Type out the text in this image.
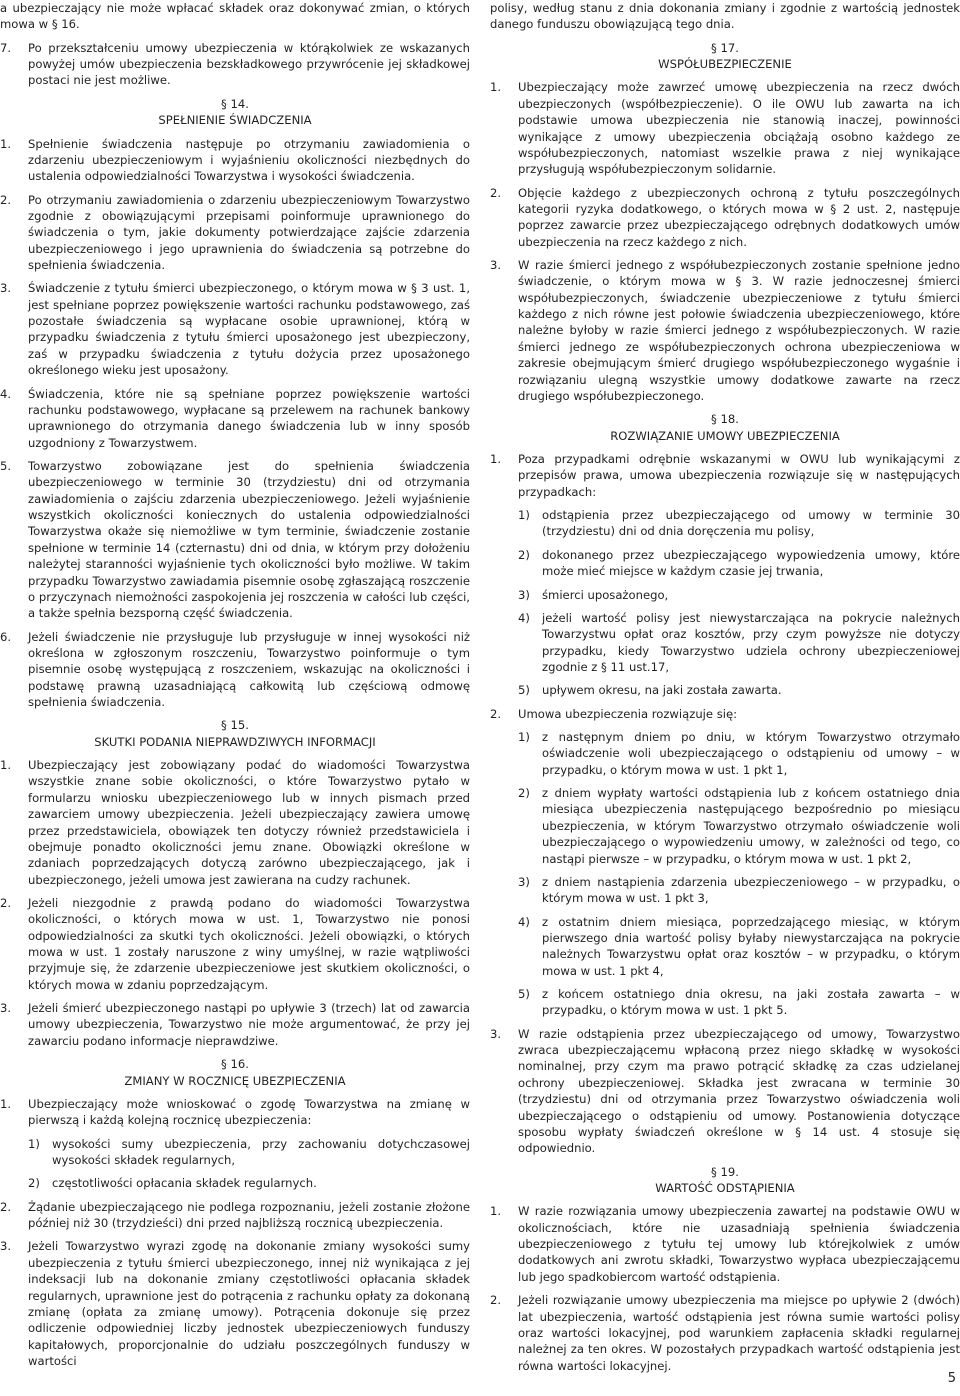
a ubezpieczający nie może wpłacać składek oraz dokonywać zmian, o których mowa w § 16.
7. Po przekształceniu umowy ubezpieczenia w którąkolwiek ze wskazanych powyżej umów ubezpieczenia bezskładkowego przywrócenie jej składkowej postaci nie jest możliwe.
§ 14.
SPEŁNIENIE ŚWIADCZENIA
1. Spełnienie świadczenia następuje po otrzymaniu zawiadomienia o zdarzeniu ubezpieczeniowym i wyjaśnieniu okoliczności niezbędnych do ustalenia odpowiedzialności Towarzystwa i wysokości świadczenia.
2. Po otrzymaniu zawiadomienia o zdarzeniu ubezpieczeniowym Towarzystwo zgodnie z obowiązującymi przepisami poinformuje uprawnionego do świadczenia o tym, jakie dokumenty potwierdzające zajście zdarzenia ubezpieczeniowego i jego uprawnienia do świadczenia są potrzebne do spełnienia świadczenia.
3. Świadczenie z tytułu śmierci ubezpieczonego, o którym mowa w § 3 ust. 1, jest spełniane poprzez powiększenie wartości rachunku podstawowego, zaś pozostałe świadczenia są wypłacane osobie uprawnionej, którą w przypadku świadczenia z tytułu śmierci uposażonego jest ubezpieczony, zaś w przypadku świadczenia z tytułu dożycia przez uposażonego określonego wieku jest uposażony.
4. Świadczenia, które nie są spełniane poprzez powiększenie wartości rachunku podstawowego, wypłacane są przelewem na rachunek bankowy uprawnionego do otrzymania danego świadczenia lub w inny sposób uzgodniony z Towarzystwem.
5. Towarzystwo zobowiązane jest do spełnienia świadczenia ubezpieczeniowego w terminie 30 (trzydziestu) dni od otrzymania zawiadomienia o zajściu zdarzenia ubezpieczeniowego. Jeżeli wyjaśnienie wszystkich okoliczności koniecznych do ustalenia odpowiedzialności Towarzystwa okaże się niemożliwe w tym terminie, świadczenie zostanie spełnione w terminie 14 (czternastu) dni od dnia, w którym przy dołożeniu należytej staranności wyjaśnienie tych okoliczności było możliwe. W takim przypadku Towarzystwo zawiadamia pisemnie osobę zgłaszającą roszczenie o przyczynach niemożności zaspokojenia jej roszczenia w całości lub części, a także spełnia bezsporną część świadczenia.
6. Jeżeli świadczenie nie przysługuje lub przysługuje w innej wysokości niż określona w zgłoszonym roszczeniu, Towarzystwo poinformuje o tym pisemnie osobę występującą z roszczeniem, wskazując na okoliczności i podstawę prawną uzasadniającą całkowitą lub częściową odmowę spełnienia świadczenia.
§ 15.
SKUTKI PODANIA NIEPRAWDZIWYCH INFORMACJI
1. Ubezpieczający jest zobowiązany podać do wiadomości Towarzystwa wszystkie znane sobie okoliczności, o które Towarzystwo pytało w formularzu wniosku ubezpieczeniowego lub w innych pismach przed zawarciem umowy ubezpieczenia. Jeżeli ubezpieczający zawiera umowę przez przedstawiciela, obowiązek ten dotyczy również przedstawiciela i obejmuje ponadto okoliczności jemu znane. Obowiązki określone w zdaniach poprzedzających dotyczą zarówno ubezpieczającego, jak i ubezpieczonego, jeżeli umowa jest zawierana na cudzy rachunek.
2. Jeżeli niezgodnie z prawdą podano do wiadomości Towarzystwa okoliczności, o których mowa w ust. 1, Towarzystwo nie ponosi odpowiedzialności za skutki tych okoliczności. Jeżeli obowiązki, o których mowa w ust. 1 zostały naruszone z winy umyślnej, w razie wątpliwości przyjmuje się, że zdarzenie ubezpieczeniowe jest skutkiem okoliczności, o których mowa w zdaniu poprzedzającym.
3. Jeżeli śmierć ubezpieczonego nastąpi po upływie 3 (trzech) lat od zawarcia umowy ubezpieczenia, Towarzystwo nie może argumentować, że przy jej zawarciu podano informacje nieprawdziwe.
§ 16.
ZMIANY W ROCZNICĘ UBEZPIECZENIA
1. Ubezpieczający może wnioskować o zgodę Towarzystwa na zmianę w pierwszą i każdą kolejną rocznicę ubezpieczenia:
1) wysokości sumy ubezpieczenia, przy zachowaniu dotychczasowej wysokości składek regularnych,
2) częstotliwości opłacania składek regularnych.
2. Żądanie ubezpieczającego nie podlega rozpoznaniu, jeżeli zostanie złożone później niż 30 (trzydzieści) dni przed najbliższą rocznicą ubezpieczenia.
3. Jeżeli Towarzystwo wyrazi zgodę na dokonanie zmiany wysokości sumy ubezpieczenia z tytułu śmierci ubezpieczonego, innej niż wynikająca z jej indeksacji lub na dokonanie zmiany częstotliwości opłacania składek regularnych, uprawnione jest do potrącenia z rachunku opłaty za dokonaną zmianę (opłata za zmianę umowy). Potrącenia dokonuje się przez odliczenie odpowiedniej liczby jednostek ubezpieczeniowych funduszy kapitałowych, proporcjonalnie do udziału poszczególnych funduszy w wartości
polisy, według stanu z dnia dokonania zmiany i zgodnie z wartością jednostek danego funduszu obowiązującą tego dnia.
§ 17.
WSPÓŁUBEZPIECZENIE
1. Ubezpieczający może zawrzeć umowę ubezpieczenia na rzecz dwóch ubezpieczonych (współbezpieczenie). O ile OWU lub zawarta na ich podstawie umowa ubezpieczenia nie stanowią inaczej, powinności wynikające z umowy ubezpieczenia obciążają osobno każdego ze współubezpieczonych, natomiast wszelkie prawa z niej wynikające przysługują współubezpieczonym solidarnie.
2. Objęcie każdego z ubezpieczonych ochroną z tytułu poszczególnych kategorii ryzyka dodatkowego, o których mowa w § 2 ust. 2, następuje poprzez zawarcie przez ubezpieczającego odrębnych dodatkowych umów ubezpieczenia na rzecz każdego z nich.
3. W razie śmierci jednego z współubezpieczonych zostanie spełnione jedno świadczenie, o którym mowa w § 3. W razie jednoczesnej śmierci współubezpieczonych, świadczenie ubezpieczeniowe z tytułu śmierci każdego z nich równe jest połowie świadczenia ubezpieczeniowego, które należne byłoby w razie śmierci jednego z współubezpieczonych. W razie śmierci jednego ze współubezpieczonych ochrona ubezpieczeniowa w zakresie obejmującym śmierć drugiego współubezpieczonego wygaśnie i rozwiązaniu ulegną wszystkie umowy dodatkowe zawarte na rzecz drugiego współubezpieczonego.
§ 18.
ROZWIĄZANIE UMOWY UBEZPIECZENIA
1. Poza przypadkami odrębnie wskazanymi w OWU lub wynikającymi z przepisów prawa, umowa ubezpieczenia rozwiązuje się w następujących przypadkach:
1) odstąpienia przez ubezpieczającego od umowy w terminie 30 (trzydziestu) dni od dnia doręczenia mu polisy,
2) dokonanego przez ubezpieczającego wypowiedzenia umowy, które może mieć miejsce w każdym czasie jej trwania,
3) śmierci uposażonego,
4) jeżeli wartość polisy jest niewystarczająca na pokrycie należnych Towarzystwu opłat oraz kosztów, przy czym powyższe nie dotyczy przypadku, kiedy Towarzystwo udziela ochrony ubezpieczeniowej zgodnie z § 11 ust.17,
5) upływem okresu, na jaki została zawarta.
2. Umowa ubezpieczenia rozwiązuje się:
1) z następnym dniem po dniu, w którym Towarzystwo otrzymało oświadczenie woli ubezpieczającego o odstąpieniu od umowy – w przypadku, o którym mowa w ust. 1 pkt 1,
2) z dniem wypłaty wartości odstąpienia lub z końcem ostatniego dnia miesiąca ubezpieczenia następującego bezpośrednio po miesiącu ubezpieczenia, w którym Towarzystwo otrzymało oświadczenie woli ubezpieczającego o wypowiedzeniu umowy, w zależności od tego, co nastąpi pierwsze – w przypadku, o którym mowa w ust. 1 pkt 2,
3) z dniem nastąpienia zdarzenia ubezpieczeniowego – w przypadku, o którym mowa w ust. 1 pkt 3,
4) z ostatnim dniem miesiąca, poprzedzającego miesiąc, w którym pierwszego dnia wartość polisy byłaby niewystarczająca na pokrycie należnych Towarzystwu opłat oraz kosztów – w przypadku, o którym mowa w ust. 1 pkt 4,
5) z końcem ostatniego dnia okresu, na jaki została zawarta – w przypadku, o którym mowa w ust. 1 pkt 5.
3. W razie odstąpienia przez ubezpieczającego od umowy, Towarzystwo zwraca ubezpieczającemu wpłaconą przez niego składkę w wysokości nominalnej, przy czym ma prawo potrącić składkę za czas udzielanej ochrony ubezpieczeniowej. Składka jest zwracana w terminie 30 (trzydziestu) dni od otrzymania przez Towarzystwo oświadczenia woli ubezpieczającego o odstąpieniu od umowy. Postanowienia dotyczące sposobu wypłaty świadczeń określone w § 14 ust. 4 stosuje się odpowiednio.
§ 19.
WARTOŚĆ ODSTĄPIENIA
1. W razie rozwiązania umowy ubezpieczenia zawartej na podstawie OWU w okolicznościach, które nie uzasadniają spełnienia świadczenia ubezpieczeniowego z tytułu tej umowy lub którejkolwiek z umów dodatkowych ani zwrotu składki, Towarzystwo wypłaca ubezpieczającemu lub jego spadkobiercom wartość odstąpienia.
2. Jeżeli rozwiązanie umowy ubezpieczenia ma miejsce po upływie 2 (dwóch) lat ubezpieczenia, wartość odstąpienia jest równa sumie wartości polisy oraz wartości lokacyjnej, pod warunkiem zapłacenia składki regularnej należnej za ten okres. W pozostałych przypadkach wartość odstąpienia jest równa wartości lokacyjnej.
5
